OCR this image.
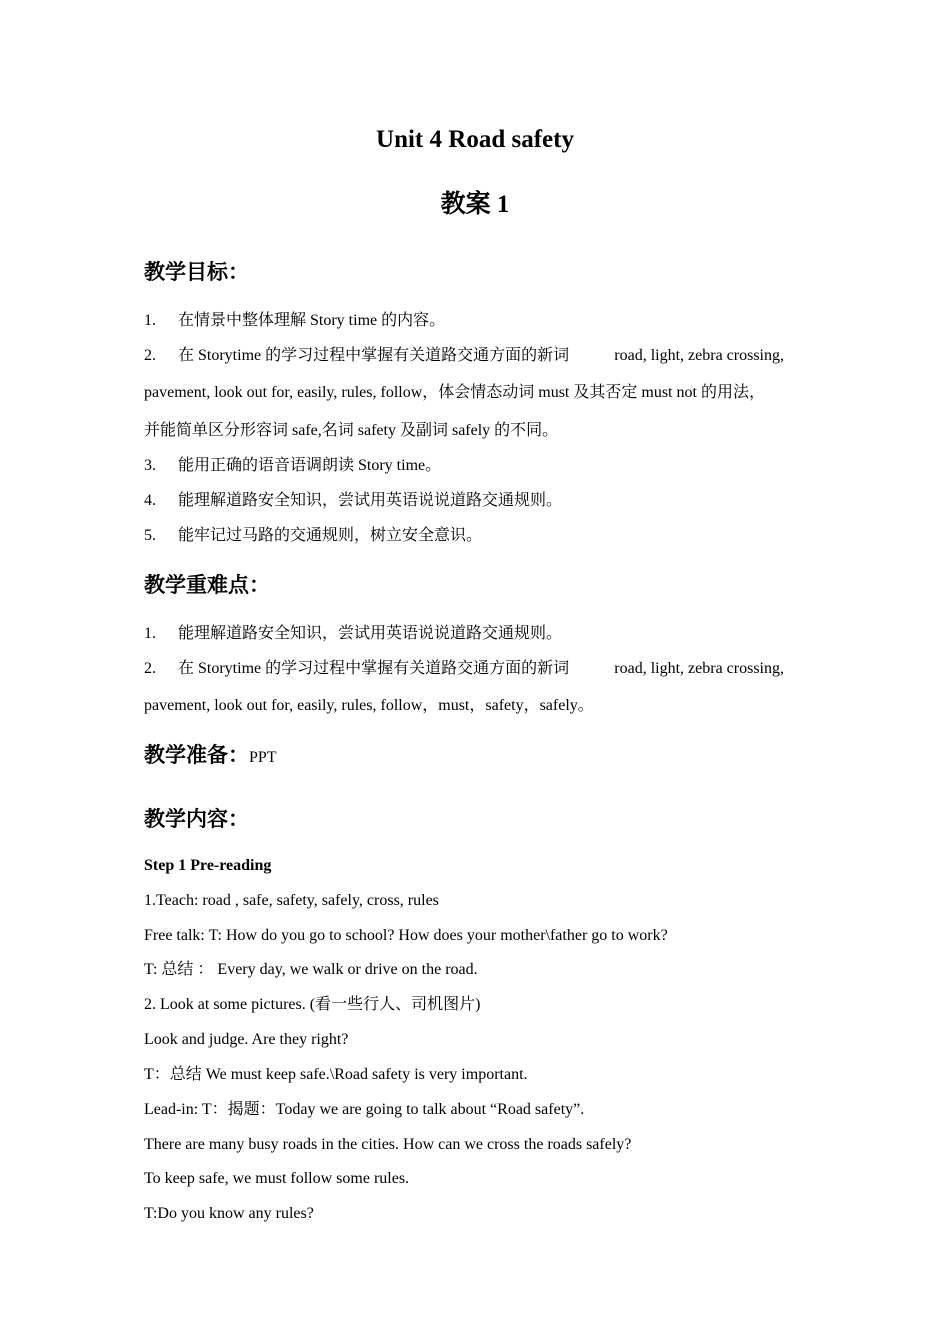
Unit 4 Road safety
教案 1
教学目标：

1. 在情景中整体理解 Story time 的内容。

2. 在 Storytime 的学习过程中掌握有关道路交通方面的新词	road, light, zebra crossing,

pavement, look out for, easily, rules, follow，体会情态动词 must 及其否定 must not 的用法，

并能简单区分形容词 safe,名词 safety 及副词 safely 的不同。

3. 能用正确的语音语调朗读 Story time。

4. 能理解道路安全知识，尝试用英语说说道路交通规则。

5. 能牢记过马路的交通规则，树立安全意识。

教学重难点：

1. 能理解道路安全知识，尝试用英语说说道路交通规则。

2. 在 Storytime 的学习过程中掌握有关道路交通方面的新词	road, light, zebra crossing,

pavement, look out for, easily, rules, follow，must，safety，safely。

教学准备：PPT
教学内容：

Step 1 Pre-reading

1.Teach: road , safe, safety, safely, cross, rules

Free talk: T: How do you go to school? How does your mother\father go to work?

T: 总结 ： Every day, we walk or drive on the road.

2. Look at some pictures. (看一些行人、司机图片)

Look and judge. Are they right?

T：总结 We must keep safe.\Road safety is very important.

Lead-in: T：揭题：Today we are going to talk about “Road safety”.

There are many busy roads in the cities. How can we cross the roads safely?

To keep safe, we must follow some rules.

T:Do you know any rules?
